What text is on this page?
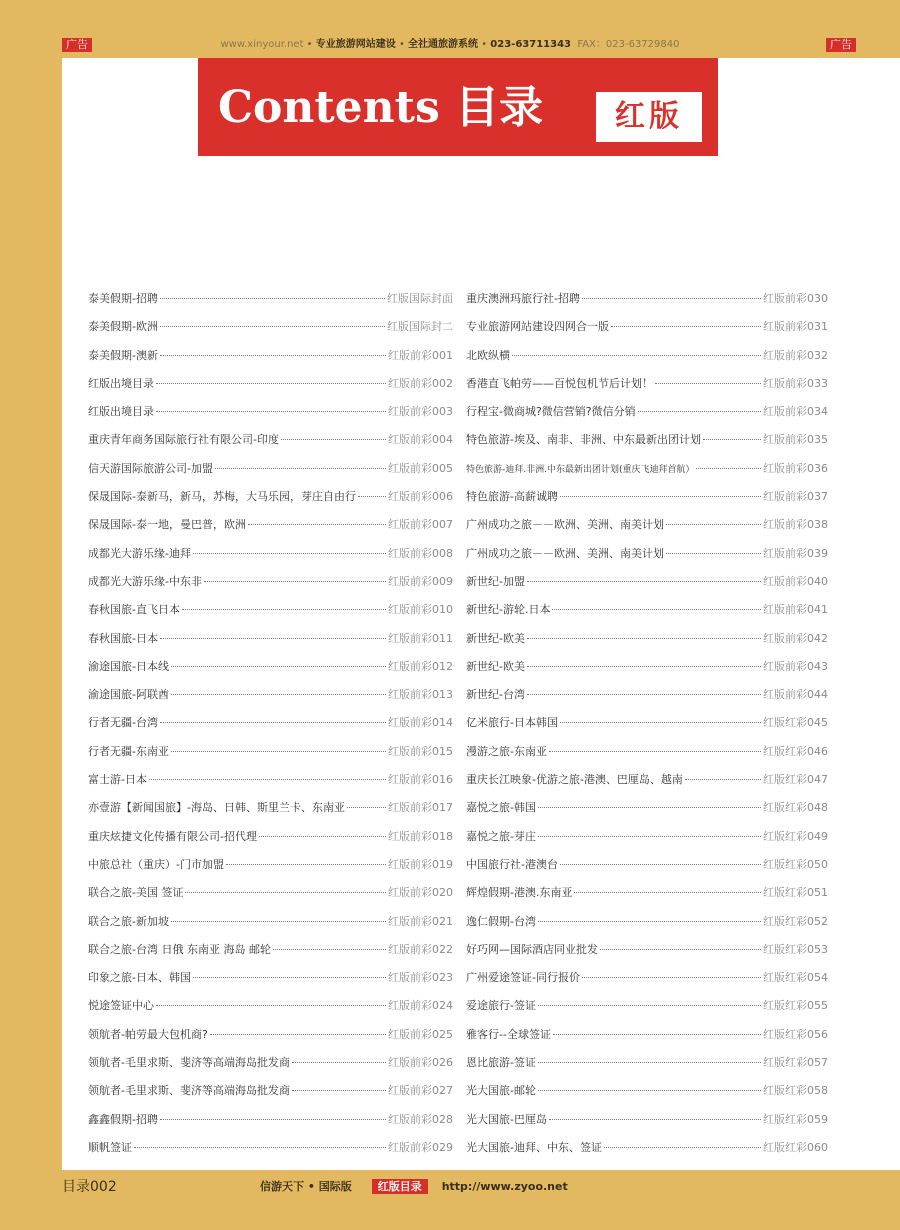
广告	www.xinyour.net • 专业旅游网站建设 • 全社通旅游系统 • 023-63711343 FAX：023-63729840	广告
Contents 目录	红版
泰美假期-招聘	红版国际封面
泰美假期-欧洲	红版国际封二
泰美假期-澳新	红版前彩001
红版出境目录	红版前彩002
红版出境目录	红版前彩003
重庆青年商务国际旅行社有限公司-印度	红版前彩004
信天游国际旅游公司-加盟	红版前彩005
保晟国际-泰新马，新马，苏梅，大马乐园，芽庄自由行	红版前彩006
保晟国际-泰一地，曼巴普，欧洲	红版前彩007
成都光大游乐缘-迪拜	红版前彩008
成都光大游乐缘-中东非	红版前彩009
春秋国旅-直飞日本	红版前彩010
春秋国旅-日本	红版前彩011
渝途国旅-日本线	红版前彩012
渝途国旅-阿联酋	红版前彩013
行者无疆-台湾	红版前彩014
行者无疆-东南亚	红版前彩015
富士游-日本	红版前彩016
亦壹游【新闻国旅】-海岛、日韩、斯里兰卡、东南亚	红版前彩017
重庆炫捷文化传播有限公司-招代理	红版前彩018
中旅总社（重庆）-门市加盟	红版前彩019
联合之旅-美国 签证	红版前彩020
联合之旅-新加坡	红版前彩021
联合之旅-台湾 日俄 东南亚 海岛 邮轮	红版前彩022
印象之旅-日本、韩国	红版前彩023
悦途签证中心	红版前彩024
领航者-帕劳最大包机商?	红版前彩025
领航者-毛里求斯、斐济等高端海岛批发商	红版前彩026
领航者-毛里求斯、斐济等高端海岛批发商	红版前彩027
鑫鑫假期-招聘	红版前彩028
顺帆签证	红版前彩029
重庆澳洲玛旅行社-招聘	红版前彩030
专业旅游网站建设四网合一版	红版前彩031
北欧纵横	红版前彩032
香港直飞帕劳——百悦包机节后计划！	红版前彩033
行程宝-微商城?微信营销?微信分销	红版前彩034
特色旅游-埃及、南非、非洲、中东最新出团计划	红版前彩035
特色旅游-迪拜.非洲.中东最新出团计划(重庆飞迪拜首航）	红版前彩036
特色旅游-高薪诚聘	红版前彩037
广州成功之旅－－欧洲、美洲、南美计划	红版前彩038
广州成功之旅－－欧洲、美洲、南美计划	红版前彩039
新世纪-加盟	红版前彩040
新世纪-游轮.日本	红版前彩041
新世纪-欧美	红版前彩042
新世纪-欧美	红版前彩043
新世纪-台湾	红版前彩044
亿米旅行-日本韩国	红版红彩045
漫游之旅-东南亚	红版红彩046
重庆长江映象-优游之旅-港澳、巴厘岛、越南	红版红彩047
嘉悦之旅-韩国	红版红彩048
嘉悦之旅-芽庄	红版红彩049
中国旅行社-港澳台	红版红彩050
辉煌假期-港澳.东南亚	红版红彩051
逸仁假期-台湾	红版红彩052
好巧网—国际酒店同业批发	红版红彩053
广州爱途签证-同行报价	红版红彩054
爱途旅行-签证	红版红彩055
雅客行--全球签证	红版红彩056
恩比旅游-签证	红版红彩057
光大国旅-邮轮	红版红彩058
光大国旅-巴厘岛	红版红彩059
光大国旅-迪拜、中东、签证	红版红彩060
目录002	信游天下 • 国际版 红版目录 http://www.zyoo.net
